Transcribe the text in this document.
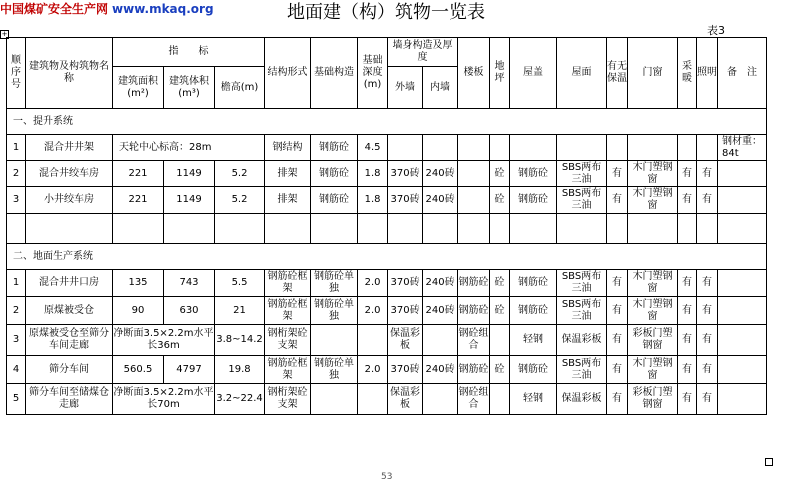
中国煤矿安全生产网 www.mkaq.org	地面建（构）筑物一览表
表3
+
顺序号	建筑物及构筑物名称	指　　标			结构形式	基础构造	基础深度(m)	墙身构造及厚度		楼板	地坪	屋盖	屋面	有无保温	门窗	采暖	照明	备　注
		建筑面积(m²)	建筑体积(m³)	檐高(m)				外墙	内墙									
一、提升系统																		
1	混合井井架	天轮中心标高：28m			钢结构	钢筋砼	4.5											钢材重：84t
2	混合井绞车房	221	1149	5.2	排架	钢筋砼	1.8	370砖	240砖		砼	钢筋砼	SBS两布三油	有	木门塑钢窗	有	有	
3	小井绞车房	221	1149	5.2	排架	钢筋砼	1.8	370砖	240砖		砼	钢筋砼	SBS两布三油	有	木门塑钢窗	有	有	

二、地面生产系统																		
1	混合井井口房	135	743	5.5	钢筋砼框架	钢筋砼单独	2.0	370砖	240砖	钢筋砼	砼	钢筋砼	SBS两布三油	有	木门塑钢窗	有	有	
2	原煤被受仓	90	630	21	钢筋砼框架	钢筋砼单独	2.0	370砖	240砖	钢筋砼	砼	钢筋砼	SBS两布三油	有	木门塑钢窗	有	有	
3	原煤被受仓至筛分车间走廊	净断面3.5×2.2m水平长36m		3.8~14.2	钢桁架砼支架			保温彩板		钢砼组合		轻钢	保温彩板	有	彩板门塑钢窗	有	有	
4	筛分车间	560.5	4797	19.8	钢筋砼框架	钢筋砼单独	2.0	370砖	240砖	钢筋砼	砼	钢筋砼	SBS两布三油	有	木门塑钢窗	有	有	
5	筛分车间至储煤仓走廊	净断面3.5×2.2m水平长70m		3.2~22.4	钢桁架砼支架			保温彩板		钢砼组合		轻钢	保温彩板	有	彩板门塑钢窗	有	有	
53
